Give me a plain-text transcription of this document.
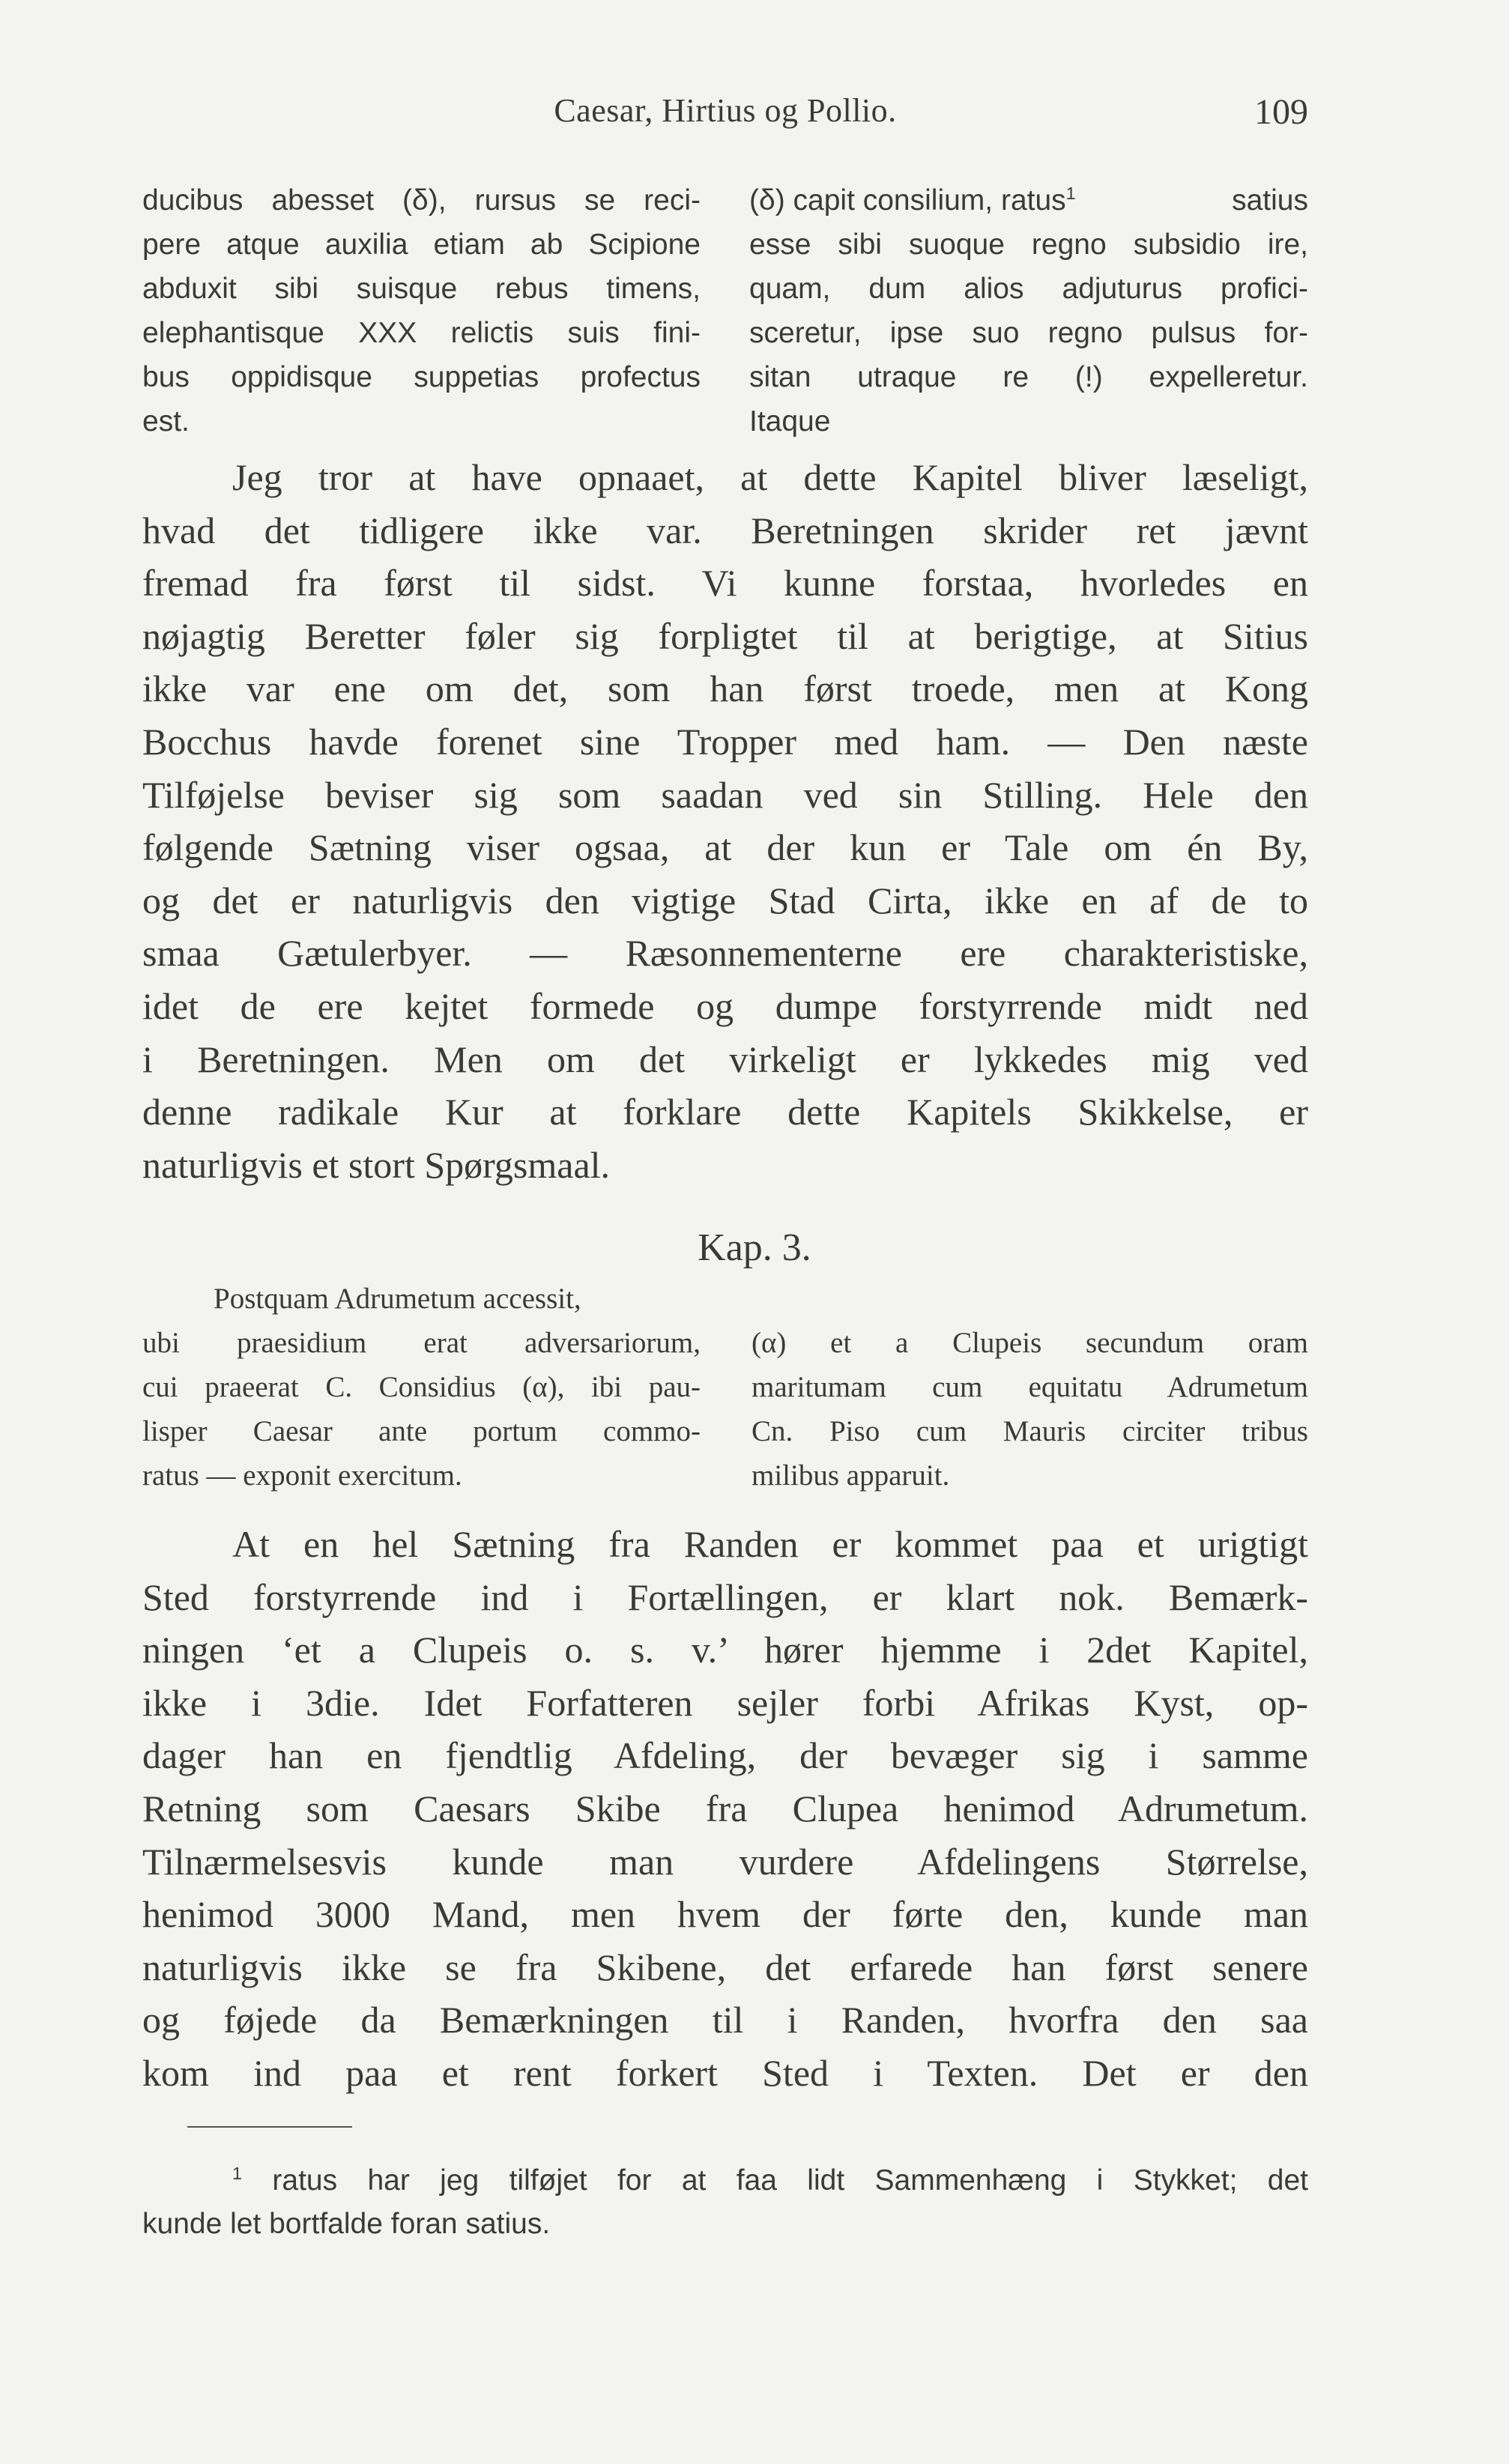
Caesar, Hirtius og Pollio.	109
ducibus abesset (δ), rursus se reci-
pere atque auxilia etiam ab Scipione
abduxit sibi suisque rebus timens,
elephantisque XXX relictis suis fini-
bus oppidisque suppetias profectus
est.
(δ) capit consilium, ratus$^1$	satius
esse sibi suoque regno subsidio ire,
quam, dum alios adjuturus profici-
sceretur, ipse suo regno pulsus for-
sitan utraque re (!) expelleretur.
Itaque
Jeg tror at have opnaaet, at dette Kapitel bliver læseligt,
hvad det tidligere ikke var. Beretningen skrider ret jævnt
fremad fra først til sidst. Vi kunne forstaa, hvorledes en
nøjagtig Beretter føler sig forpligtet til at berigtige, at Sitius
ikke var ene om det, som han først troede, men at Kong
Bocchus havde forenet sine Tropper med ham. — Den næste
Tilføjelse beviser sig som saadan ved sin Stilling. Hele den
følgende Sætning viser ogsaa, at der kun er Tale om én By,
og det er naturligvis den vigtige Stad Cirta, ikke en af de to
smaa Gætulerbyer. — Ræsonnementerne ere charakteristiske,
idet de ere kejtet formede og dumpe forstyrrende midt ned
i Beretningen. Men om det virkeligt er lykkedes mig ved
denne radikale Kur at forklare dette Kapitels Skikkelse, er
naturligvis et stort Spørgsmaal.
Kap. 3.
Postquam Adrumetum accessit,
ubi praesidium erat adversariorum,
cui praeerat C. Considius (α), ibi pau-
lisper Caesar ante portum commo-
ratus — exponit exercitum.
(α) et a Clupeis secundum oram
maritumam cum equitatu Adrumetum
Cn. Piso cum Mauris circiter tribus
milibus apparuit.
At en hel Sætning fra Randen er kommet paa et urigtigt
Sted forstyrrende ind i Fortællingen, er klart nok. Bemærk-
ningen ‘et a Clupeis o. s. v.’ hører hjemme i 2det Kapitel,
ikke i 3die. Idet Forfatteren sejler forbi Afrikas Kyst, op-
dager han en fjendtlig Afdeling, der bevæger sig i samme
Retning som Caesars Skibe fra Clupea henimod Adrumetum.
Tilnærmelsesvis kunde man vurdere Afdelingens Størrelse,
henimod 3000 Mand, men hvem der førte den, kunde man
naturligvis ikke se fra Skibene, det erfarede han først senere
og føjede da Bemærkningen til i Randen, hvorfra den saa
kom ind paa et rent forkert Sted i Texten. Det er den
$^1$ ratus har jeg tilføjet for at faa lidt Sammenhæng i Stykket; det
kunde let bortfalde foran satius.
